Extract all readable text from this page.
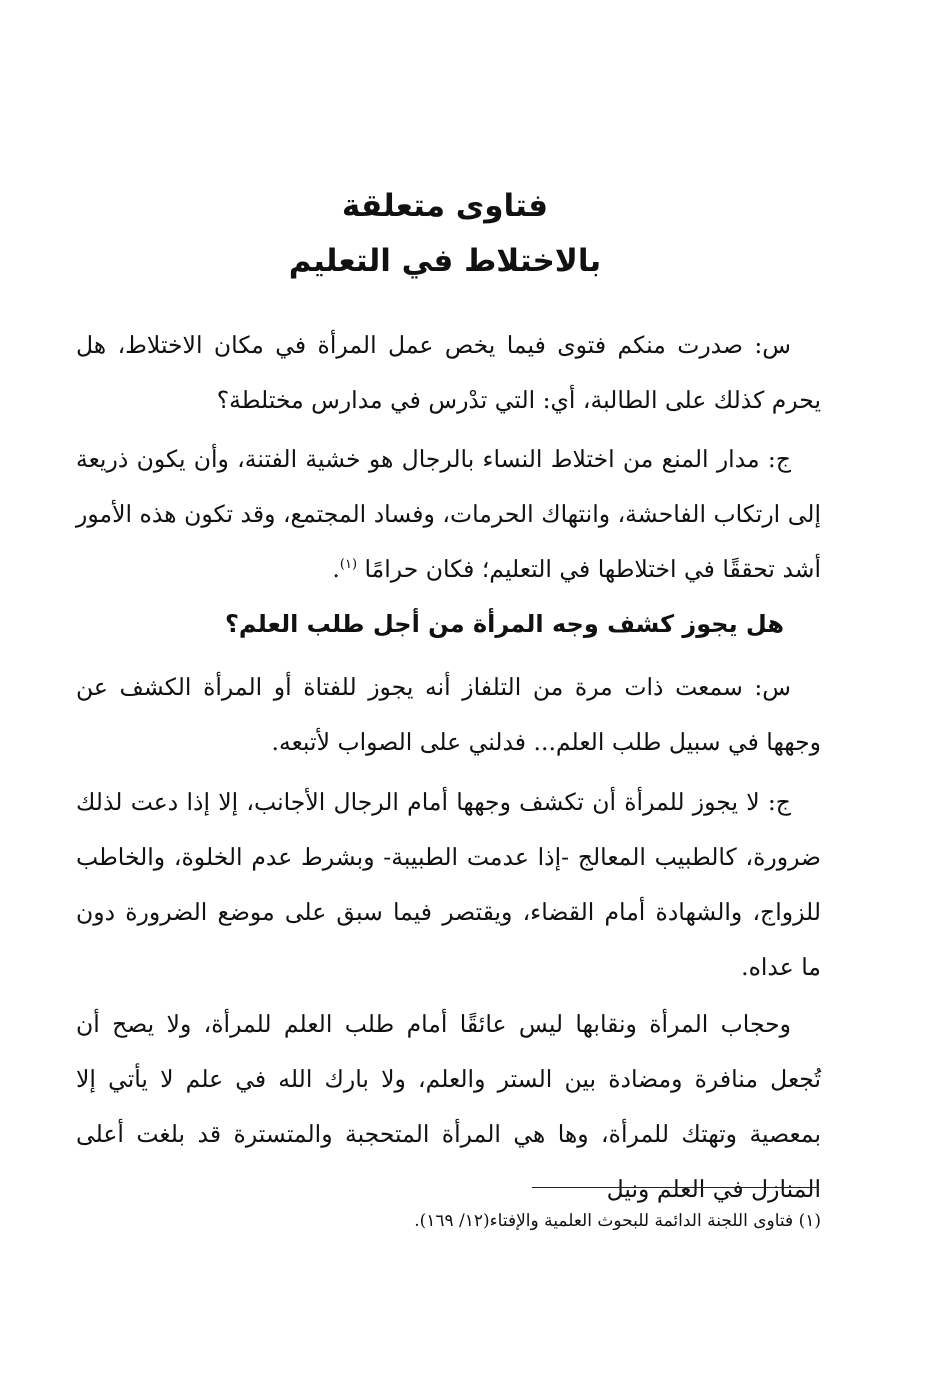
فتاوى متعلقة
بالاختلاط في التعليم

س: صدرت منكم فتوى فيما يخص عمل المرأة في مكان الاختلاط، هل يحرم كذلك على الطالبة، أي: التي تدْرس في مدارس مختلطة؟

ج: مدار المنع من اختلاط النساء بالرجال هو خشية الفتنة، وأن يكون ذريعة إلى ارتكاب الفاحشة، وانتهاك الحرمات، وفساد المجتمع، وقد تكون هذه الأمور أشد تحققًا في اختلاطها في التعليم؛ فكان حرامًا $^{(١)}$.

هل يجوز كشف وجه المرأة من أجل طلب العلم؟

س: سمعت ذات مرة من التلفاز أنه يجوز للفتاة أو المرأة الكشف عن وجهها في سبيل طلب العلم... فدلني على الصواب لأتبعه.

ج: لا يجوز للمرأة أن تكشف وجهها أمام الرجال الأجانب، إلا إذا دعت لذلك ضرورة، كالطبيب المعالج -إذا عدمت الطبيبة- وبشرط عدم الخلوة، والخاطب للزواج، والشهادة أمام القضاء، ويقتصر فيما سبق على موضع الضرورة دون ما عداه.

وحجاب المرأة ونقابها ليس عائقًا أمام طلب العلم للمرأة، ولا يصح أن تُجعل منافرة ومضادة بين الستر والعلم، ولا بارك الله في علم لا يأتي إلا بمعصية وتهتك للمرأة، وها هي المرأة المتحجبة والمتسترة قد بلغت أعلى المنازل في العلم ونيل

(١) فتاوى اللجنة الدائمة للبحوث العلمية والإفتاء(١٢/ ١٦٩).
